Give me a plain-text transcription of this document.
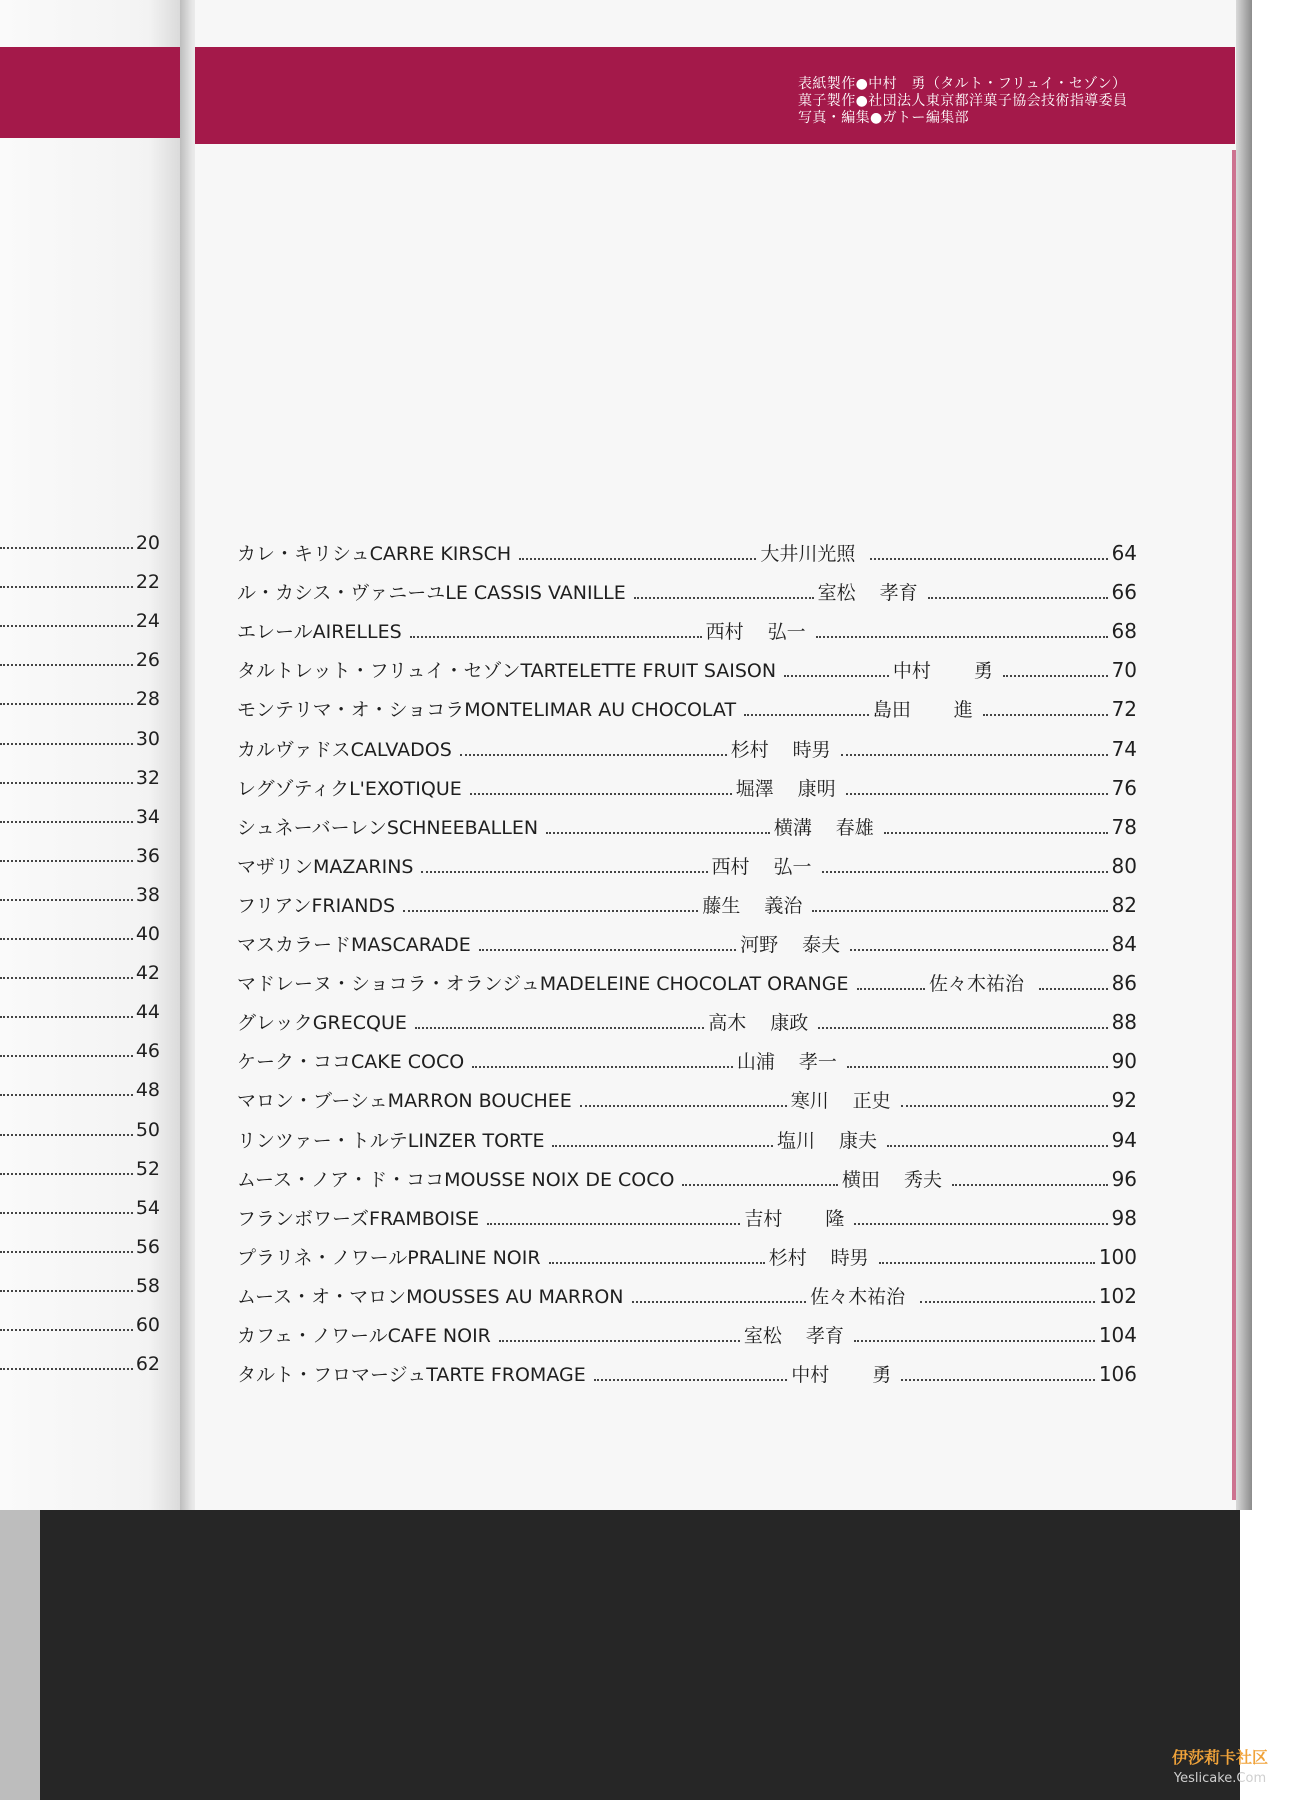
20
22
24
26
28
30
32
34
36
38
40
42
44
46
48
50
52
54
56
58
60
62
表紙製作●中村　勇（タルト・フリュイ・セゾン）
菓子製作●社団法人東京都洋菓子協会技術指導委員
写真・編集●ガトー編集部
カレ・キリシュCARRE KIRSCH	大井川光照	64
ル・カシス・ヴァニーユLE CASSIS VANILLE	室松 孝育	66
エレールAIRELLES	西村 弘一	68
タルトレット・フリュイ・セゾンTARTELETTE FRUIT SAISON	中村 勇	70
モンテリマ・オ・ショコラMONTELIMAR AU CHOCOLAT	島田 進	72
カルヴァドスCALVADOS	杉村 時男	74
レグゾティクL'EXOTIQUE	堀澤 康明	76
シュネーバーレンSCHNEEBALLEN	横溝 春雄	78
マザリンMAZARINS	西村 弘一	80
フリアンFRIANDS	藤生 義治	82
マスカラードMASCARADE	河野 泰夫	84
マドレーヌ・ショコラ・オランジュMADELEINE CHOCOLAT ORANGE	佐々木祐治	86
グレックGRECQUE	高木 康政	88
ケーク・ココCAKE COCO	山浦 孝一	90
マロン・ブーシェMARRON BOUCHEE	寒川 正史	92
リンツァー・トルテLINZER TORTE	塩川 康夫	94
ムース・ノア・ド・ココMOUSSE NOIX DE COCO	横田 秀夫	96
フランボワーズFRAMBOISE	吉村 隆	98
プラリネ・ノワールPRALINE NOIR	杉村 時男	100
ムース・オ・マロンMOUSSES AU MARRON	佐々木祐治	102
カフェ・ノワールCAFE NOIR	室松 孝育	104
タルト・フロマージュTARTE FROMAGE	中村 勇	106
伊莎莉卡社区
Yeslicake.Com
